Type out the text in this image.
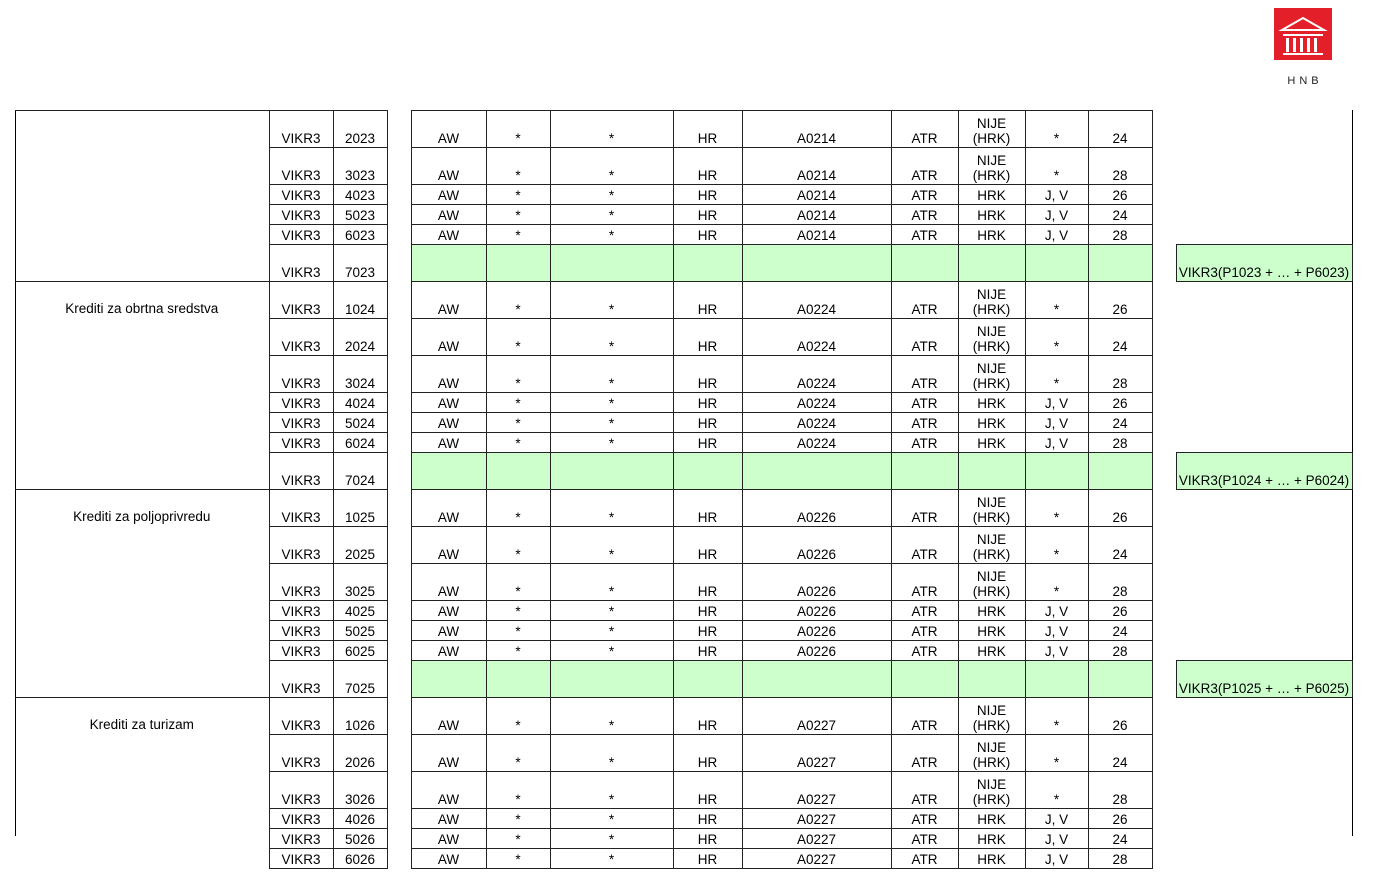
HNB
	VIKR3	2023		AW	*	*	HR	A0214	ATR	NIJE (HRK)	*	24		
	VIKR3	3023		AW	*	*	HR	A0214	ATR	NIJE (HRK)	*	28		
	VIKR3	4023		AW	*	*	HR	A0214	ATR	HRK	J, V	26		
	VIKR3	5023		AW	*	*	HR	A0214	ATR	HRK	J, V	24		
	VIKR3	6023		AW	*	*	HR	A0214	ATR	HRK	J, V	28		
	VIKR3	7023												VIKR3(P1023 + … + P6023)
Krediti za obrtna sredstva	VIKR3	1024		AW	*	*	HR	A0224	ATR	NIJE (HRK)	*	26		
	VIKR3	2024		AW	*	*	HR	A0224	ATR	NIJE (HRK)	*	24		
	VIKR3	3024		AW	*	*	HR	A0224	ATR	NIJE (HRK)	*	28		
	VIKR3	4024		AW	*	*	HR	A0224	ATR	HRK	J, V	26		
	VIKR3	5024		AW	*	*	HR	A0224	ATR	HRK	J, V	24		
	VIKR3	6024		AW	*	*	HR	A0224	ATR	HRK	J, V	28		
	VIKR3	7024												VIKR3(P1024 + … + P6024)
Krediti za poljoprivredu	VIKR3	1025		AW	*	*	HR	A0226	ATR	NIJE (HRK)	*	26		
	VIKR3	2025		AW	*	*	HR	A0226	ATR	NIJE (HRK)	*	24		
	VIKR3	3025		AW	*	*	HR	A0226	ATR	NIJE (HRK)	*	28		
	VIKR3	4025		AW	*	*	HR	A0226	ATR	HRK	J, V	26		
	VIKR3	5025		AW	*	*	HR	A0226	ATR	HRK	J, V	24		
	VIKR3	6025		AW	*	*	HR	A0226	ATR	HRK	J, V	28		
	VIKR3	7025												VIKR3(P1025 + … + P6025)
Krediti za turizam	VIKR3	1026		AW	*	*	HR	A0227	ATR	NIJE (HRK)	*	26		
	VIKR3	2026		AW	*	*	HR	A0227	ATR	NIJE (HRK)	*	24		
	VIKR3	3026		AW	*	*	HR	A0227	ATR	NIJE (HRK)	*	28		
	VIKR3	4026		AW	*	*	HR	A0227	ATR	HRK	J, V	26		
	VIKR3	5026		AW	*	*	HR	A0227	ATR	HRK	J, V	24		
	VIKR3	6026		AW	*	*	HR	A0227	ATR	HRK	J, V	28		
